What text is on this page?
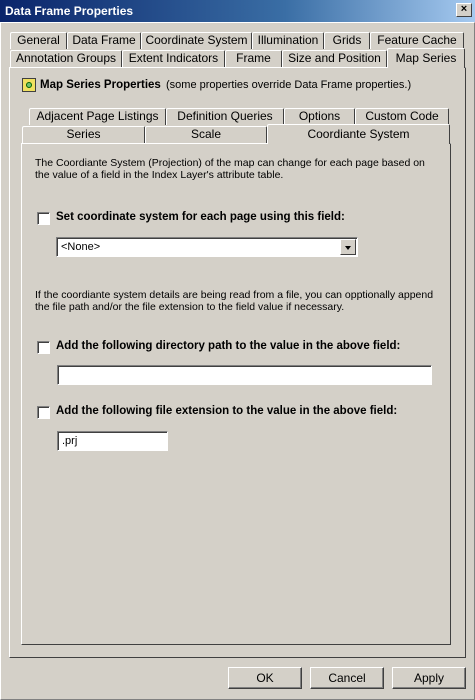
Data Frame Properties	×
General	Data Frame Coordinate System Illumination	Grids	Feature Cache
Annotation Groups	Extent Indicators	Frame	Size and Position	Map Series
Map Series Properties (some properties override Data Frame properties.)
Adjacent Page Listings	Definition Queries	Options	Custom Code
Series	Scale	Coordiante System
The Coordiante System (Projection) of the map can change for each page based on the value of a field in the Index Layer's attribute table.
Set coordinate system for each page using this field:
<None>
If the coordiante system details are being read from a file, you can opptionally append the file path and/or the file extension to the field value if necessary.
Add the following directory path to the value in the above field:
Add the following file extension to the value in the above field:
.prj
OK	Cancel	Apply
